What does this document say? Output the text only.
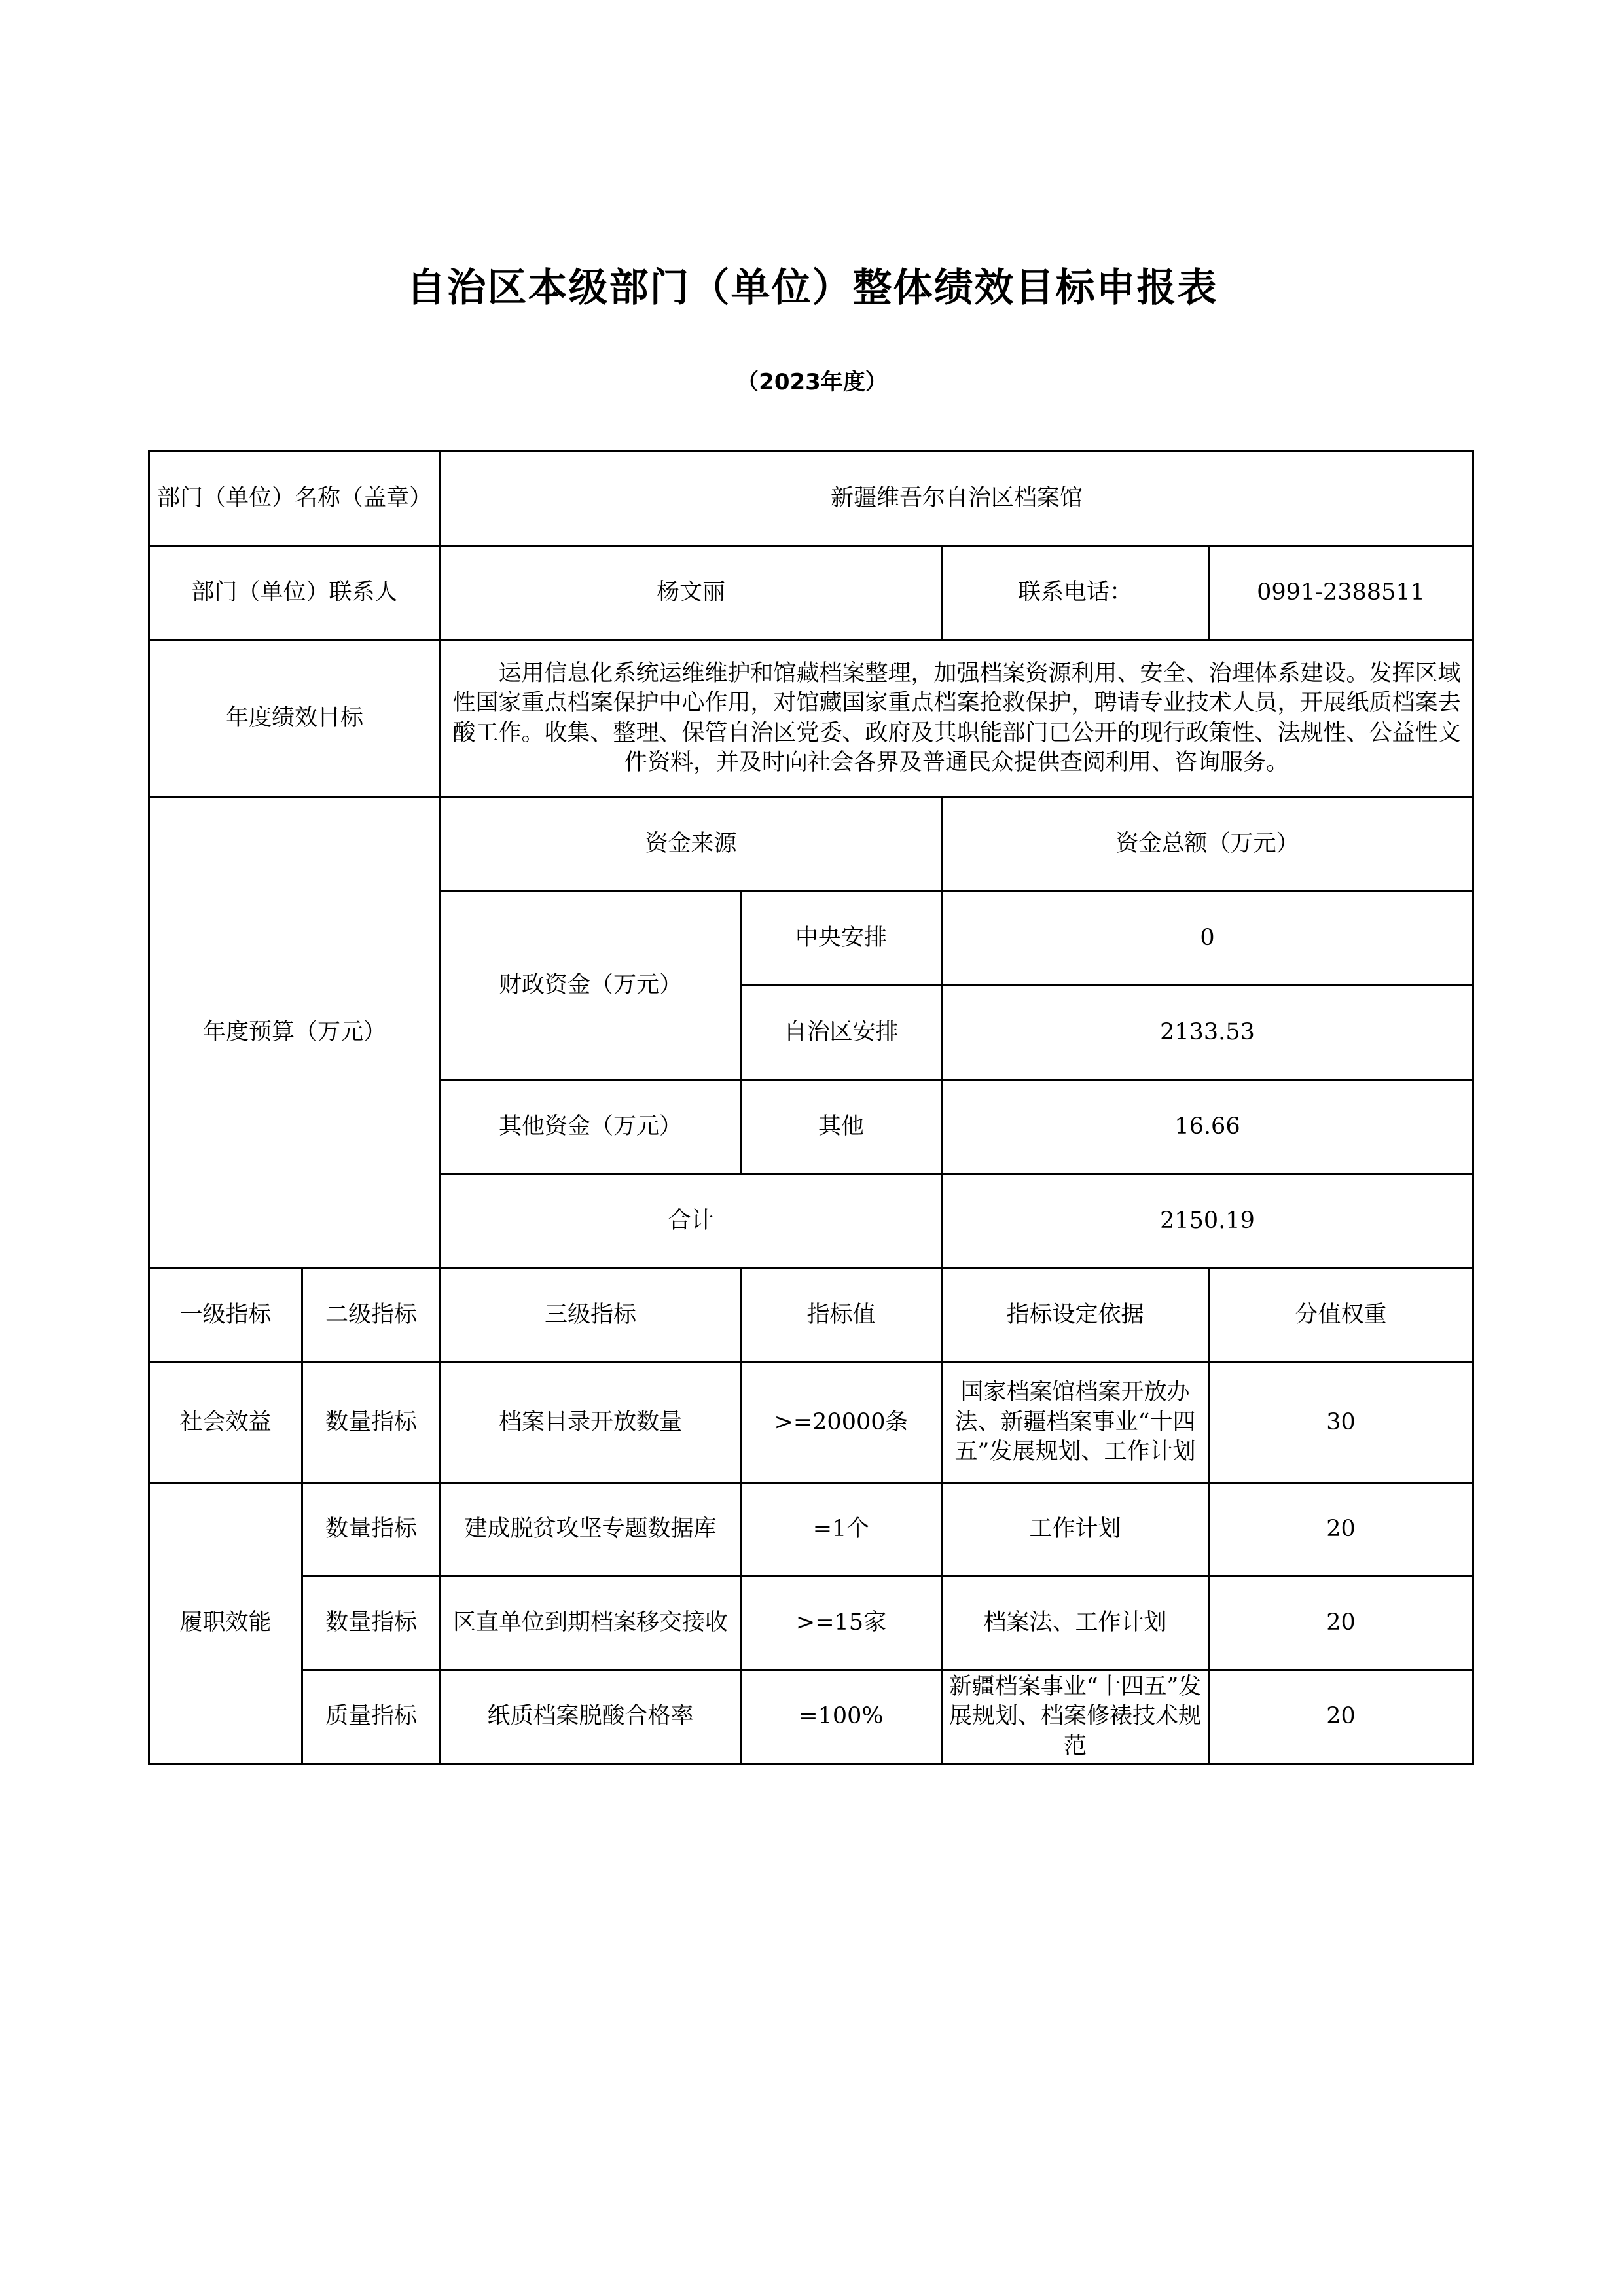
自治区本级部门（单位）整体绩效目标申报表
（2023年度）
部门（单位）名称（盖章）		新疆维吾尔自治区档案馆			
部门（单位）联系人		杨文丽		联系电话：	0991-2388511
年度绩效目标		运用信息化系统运维维护和馆藏档案整理，加强档案资源利用、安全、治理体系建设。发挥区域性国家重点档案保护中心作用，对馆藏国家重点档案抢救保护，聘请专业技术人员，开展纸质档案去酸工作。收集、整理、保管自治区党委、政府及其职能部门已公开的现行政策性、法规性、公益性文件资料，并及时向社会各界及普通民众提供查阅利用、咨询服务。			
年度预算（万元）		资金来源		资金总额（万元）	
		财政资金（万元）	中央安排	0	
			自治区安排	2133.53	
		其他资金（万元）	其他	16.66	
		合计		2150.19	
一级指标	二级指标	三级指标	指标值	指标设定依据	分值权重
社会效益	数量指标	档案目录开放数量	>=20000条	国家档案馆档案开放办法、新疆档案事业“十四五”发展规划、工作计划	30
履职效能	数量指标	建成脱贫攻坚专题数据库	=1个	工作计划	20
	数量指标	区直单位到期档案移交接收	>=15家	档案法、工作计划	20
	质量指标	纸质档案脱酸合格率	=100%	新疆档案事业“十四五”发展规划、档案修裱技术规范	20
